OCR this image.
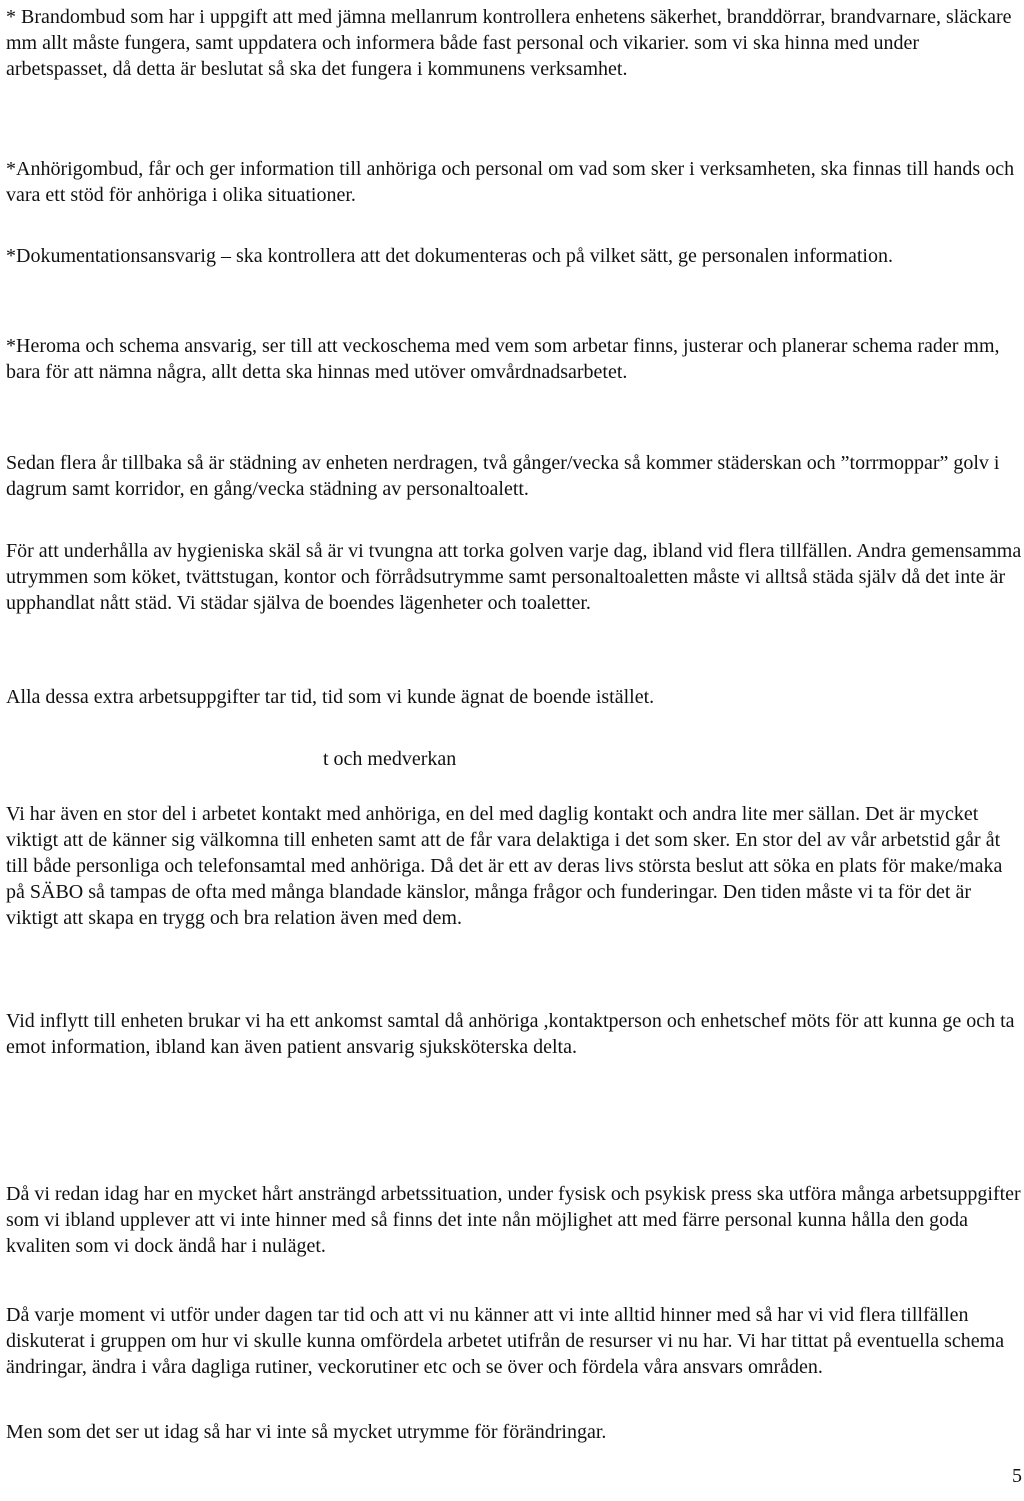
* Brandombud som har i uppgift att med jämna mellanrum kontrollera enhetens säkerhet, branddörrar, brandvarnare, släckare mm allt måste fungera, samt uppdatera och informera både fast personal och vikarier. som vi ska hinna med under arbetspasset, då detta är beslutat så ska det fungera i kommunens verksamhet.

*Anhörigombud, får och ger information till anhöriga och personal om vad som sker i verksamheten, ska finnas till hands och vara ett stöd för anhöriga i olika situationer.

*Dokumentationsansvarig – ska kontrollera att det dokumenteras och på vilket sätt, ge personalen information.

*Heroma och schema ansvarig, ser till att veckoschema med vem som arbetar finns, justerar och planerar schema rader mm, bara för att nämna några, allt detta ska hinnas med utöver omvårdnadsarbetet.

Sedan flera år tillbaka så är städning av enheten nerdragen, två gånger/vecka så kommer städerskan och ”torrmoppar” golv i dagrum samt korridor, en gång/vecka städning av personaltoalett.

För att underhålla av hygieniska skäl så är vi tvungna att torka golven varje dag, ibland vid flera tillfällen. Andra gemensamma utrymmen som köket, tvättstugan, kontor och förrådsutrymme samt personaltoaletten måste vi alltså städa själv då det inte är upphandlat nått städ. Vi städar själva de boendes lägenheter och toaletter.

Alla dessa extra arbetsuppgifter tar tid, tid som vi kunde ägnat de boende istället.

t och medverkan

Vi har även en stor del i arbetet kontakt med anhöriga, en del med daglig kontakt och andra lite mer sällan. Det är mycket viktigt att de känner sig välkomna till enheten samt att de får vara delaktiga i det som sker. En stor del av vår arbetstid går åt till både personliga och telefonsamtal med anhöriga. Då det är ett av deras livs största beslut att söka en plats för make/maka på SÄBO så tampas de ofta med många blandade känslor, många frågor och funderingar. Den tiden måste vi ta för det är viktigt att skapa en trygg och bra relation även med dem.

Vid inflytt till enheten brukar vi ha ett ankomst samtal då anhöriga ,kontaktperson och enhetschef möts för att kunna ge och ta emot information, ibland kan även patient ansvarig sjuksköterska delta.

Då vi redan idag har en mycket hårt ansträngd arbetssituation, under fysisk och psykisk press ska utföra många arbetsuppgifter som vi ibland upplever att vi inte hinner med så finns det inte nån möjlighet att med färre personal kunna hålla den goda kvaliten som vi dock ändå har i nuläget.

Då varje moment vi utför under dagen tar tid och att vi nu känner att vi inte alltid hinner med så har vi vid flera tillfällen diskuterat i gruppen om hur vi skulle kunna omfördela arbetet utifrån de resurser vi nu har. Vi har tittat på eventuella schema ändringar, ändra i våra dagliga rutiner, veckorutiner etc och se över och fördela våra ansvars områden.

Men som det ser ut idag så har vi inte så mycket utrymme för förändringar.

5
